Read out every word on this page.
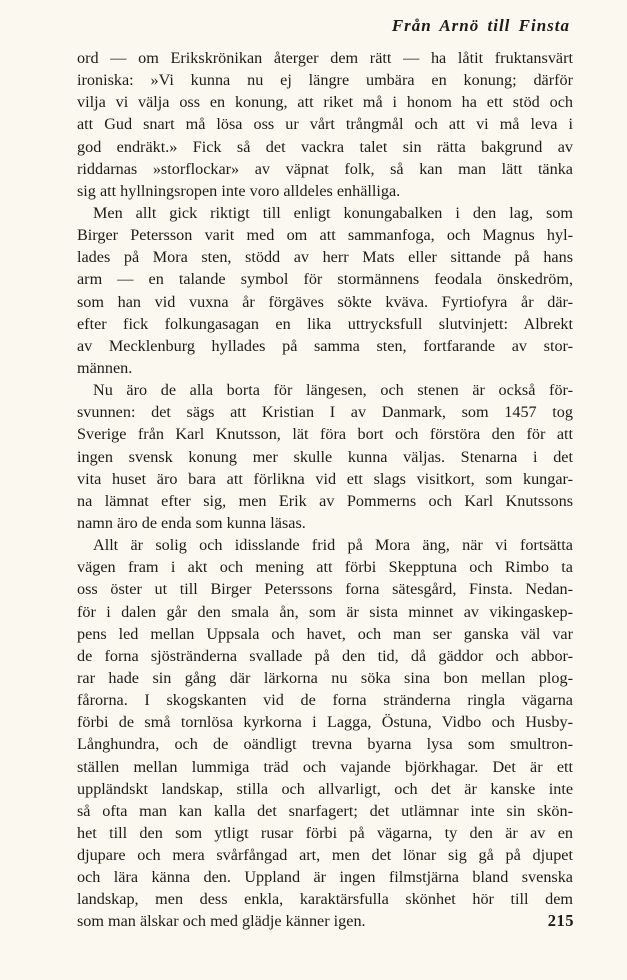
Från Arnö till Finsta
ord — om Erikskrönikan återger dem rätt — ha låtit fruktansvärt
ironiska: »Vi kunna nu ej längre umbära en konung; därför
vilja vi välja oss en konung, att riket må i honom ha ett stöd och
att Gud snart må lösa oss ur vårt trångmål och att vi må leva i
god endräkt.» Fick så det vackra talet sin rätta bakgrund av
riddarnas »storflockar» av väpnat folk, så kan man lätt tänka
sig att hyllningsropen inte voro alldeles enhälliga.
Men allt gick riktigt till enligt konungabalken i den lag, som
Birger Petersson varit med om att sammanfoga, och Magnus hyl-
lades på Mora sten, stödd av herr Mats eller sittande på hans
arm — en talande symbol för stormännens feodala önskedröm,
som han vid vuxna år förgäves sökte kväva. Fyrtiofyra år där-
efter fick folkungasagan en lika uttrycksfull slutvinjett: Albrekt
av Mecklenburg hyllades på samma sten, fortfarande av stor-
männen.
Nu äro de alla borta för längesen, och stenen är också för-
svunnen: det sägs att Kristian I av Danmark, som 1457 tog
Sverige från Karl Knutsson, lät föra bort och förstöra den för att
ingen svensk konung mer skulle kunna väljas. Stenarna i det
vita huset äro bara att förlikna vid ett slags visitkort, som kungar-
na lämnat efter sig, men Erik av Pommerns och Karl Knutssons
namn äro de enda som kunna läsas.
Allt är solig och idisslande frid på Mora äng, när vi fortsätta
vägen fram i akt och mening att förbi Skepptuna och Rimbo ta
oss öster ut till Birger Peterssons forna sätesgård, Finsta. Nedan-
för i dalen går den smala ån, som är sista minnet av vikingaskep-
pens led mellan Uppsala och havet, och man ser ganska väl var
de forna sjöstränderna svallade på den tid, då gäddor och abbor-
rar hade sin gång där lärkorna nu söka sina bon mellan plog-
fårorna. I skogskanten vid de forna stränderna ringla vägarna
förbi de små tornlösa kyrkorna i Lagga, Östuna, Vidbo och Husby-
Långhundra, och de oändligt trevna byarna lysa som smultron-
ställen mellan lummiga träd och vajande björkhagar. Det är ett
uppländskt landskap, stilla och allvarligt, och det är kanske inte
så ofta man kan kalla det snarfagert; det utlämnar inte sin skön-
het till den som ytligt rusar förbi på vägarna, ty den är av en
djupare och mera svårfångad art, men det lönar sig gå på djupet
och lära känna den. Uppland är ingen filmstjärna bland svenska
landskap, men dess enkla, karaktärsfulla skönhet hör till dem
som man älskar och med glädje känner igen.	215
